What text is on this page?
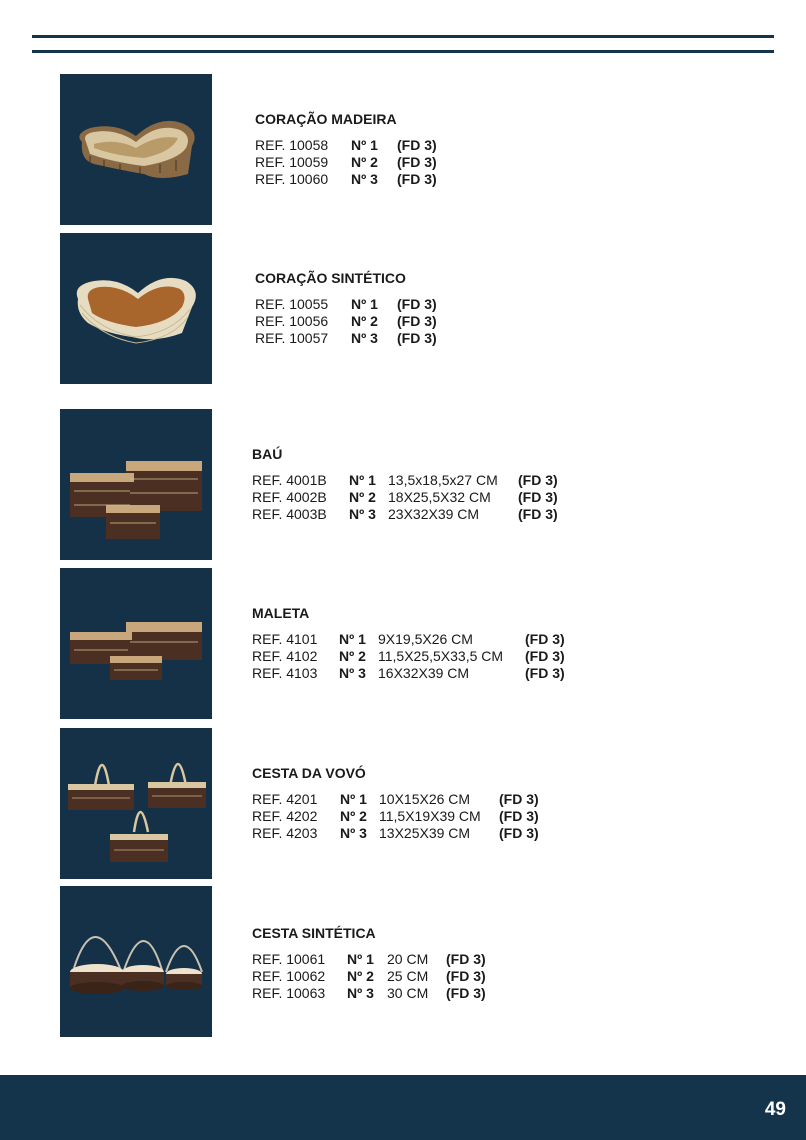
CORAÇÃO MADEIRA
REF. 10058	Nº 1	(FD 3)
REF. 10059	Nº 2	(FD 3)
REF. 10060	Nº 3	(FD 3)
CORAÇÃO SINTÉTICO
REF. 10055	Nº 1	(FD 3)
REF. 10056	Nº 2	(FD 3)
REF. 10057	Nº 3	(FD 3)
BAÚ
REF. 4001B	Nº 1 13,5x18,5x27 CM	(FD 3)
REF. 4002B	Nº 2 18X25,5X32 CM	(FD 3)
REF. 4003B	Nº 3 23X32X39 CM	(FD 3)
MALETA
REF. 4101	Nº 1 9X19,5X26 CM	(FD 3)
REF. 4102	Nº 2 11,5X25,5X33,5 CM	(FD 3)
REF. 4103	Nº 3 16X32X39 CM	(FD 3)
CESTA DA VOVÓ
REF. 4201	Nº 1 10X15X26 CM	(FD 3)
REF. 4202	Nº 2 11,5X19X39 CM	(FD 3)
REF. 4203	Nº 3 13X25X39 CM	(FD 3)
CESTA SINTÉTICA
REF. 10061	Nº 1 20 CM	(FD 3)
REF. 10062	Nº 2 25 CM	(FD 3)
REF. 10063	Nº 3 30 CM	(FD 3)
49
